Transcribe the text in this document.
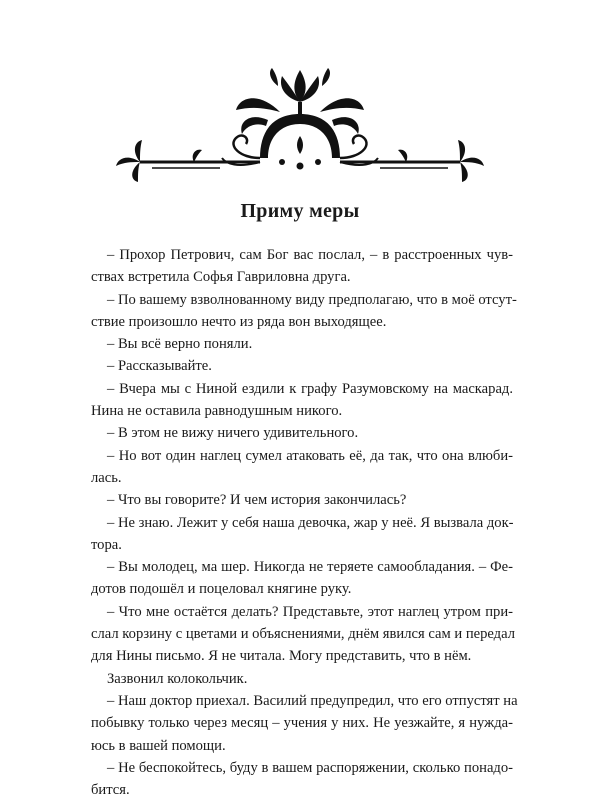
Приму меры
– Прохор Петрович, сам Бог вас послал, – в расстроенных чув-
ствах встретила Софья Гавриловна друга.
– По вашему взволнованному виду предполагаю, что в моё отсут-
ствие произошло нечто из ряда вон выходящее.
– Вы всё верно поняли.
– Рассказывайте.
– Вчера мы с Ниной ездили к графу Разумовскому на маскарад.
Нина не оставила равнодушным никого.
– В этом не вижу ничего удивительного.
– Но вот один наглец сумел атаковать её, да так, что она влюби-
лась.
– Что вы говорите? И чем история закончилась?
– Не знаю. Лежит у себя наша девочка, жар у неё. Я вызвала док-
тора.
– Вы молодец, ма шер. Никогда не теряете самообладания. – Фе-
дотов подошёл и поцеловал княгине руку.
– Что мне остаётся делать? Представьте, этот наглец утром при-
слал корзину с цветами и объяснениями, днём явился сам и передал
для Нины письмо. Я не читала. Могу представить, что в нём.
Зазвонил колокольчик.
– Наш доктор приехал. Василий предупредил, что его отпустят на
побывку только через месяц – учения у них. Не уезжайте, я нужда-
юсь в вашей помощи.
– Не беспокойтесь, буду в вашем распоряжении, сколько понадо-
бится.
